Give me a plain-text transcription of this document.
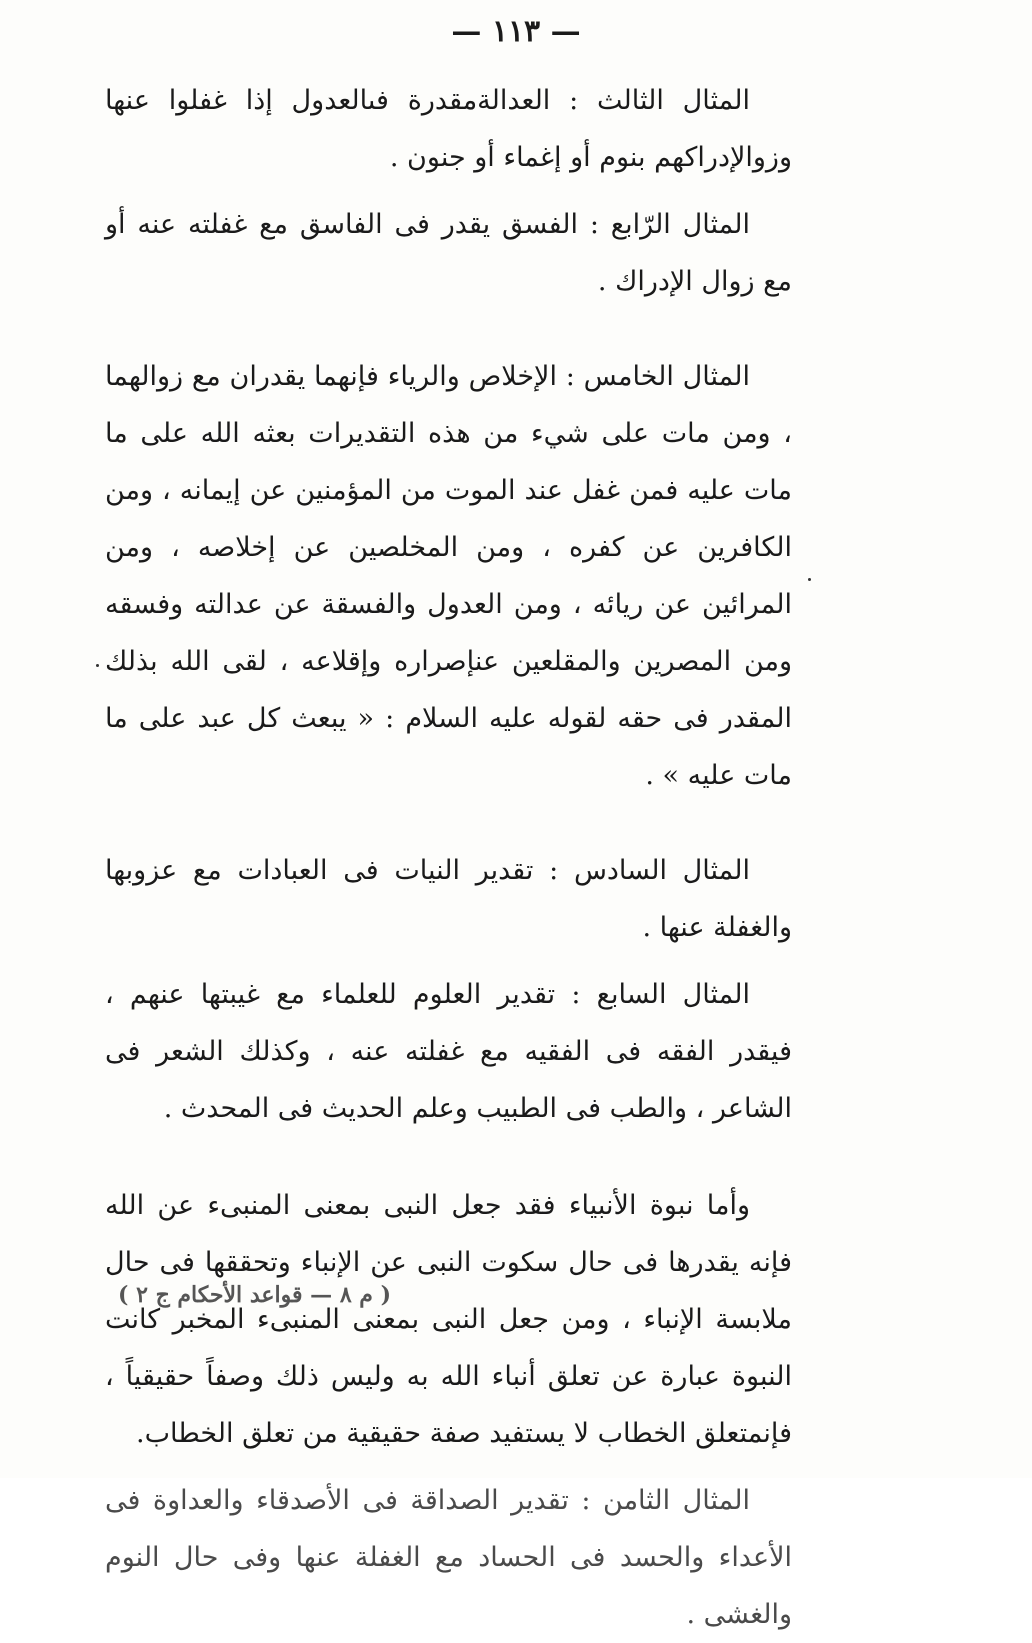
— ١١٣ —

المثال الثالث : العدالةمقدرة فىالعدول إذا غفلوا عنها وزوالإدراكهم بنوم أو إغماء أو جنون .

المثال الرّابع : الفسق يقدر فى الفاسق مع غفلته عنه أو مع زوال الإدراك .

المثال الخامس : الإخلاص والرياء فإنهما يقدران مع زوالهما ، ومن مات على شيء من هذه التقديرات بعثه الله على ما مات عليه فمن غفل عند الموت من المؤمنين عن إيمانه ، ومن الكافرين عن كفره ، ومن المخلصين عن إخلاصه ، ومن المرائين عن ريائه ، ومن العدول والفسقة عن عدالته وفسقه ومن المصرين والمقلعين عنإصراره وإقلاعه ، لقى الله بذلك المقدر فى حقه لقوله عليه السلام : « يبعث كل عبد على ما مات عليه » .

المثال السادس : تقدير النيات فى العبادات مع عزوبها والغفلة عنها .

المثال السابع : تقدير العلوم للعلماء مع غيبتها عنهم ، فيقدر الفقه فى الفقيه مع غفلته عنه ، وكذلك الشعر فى الشاعر ، والطب فى الطبيب وعلم الحديث فى المحدث .

وأما نبوة الأنبياء فقد جعل النبى بمعنى المنبىء عن الله فإنه يقدرها فى حال سكوت النبى عن الإنباء وتحققها فى حال ملابسة الإنباء ، ومن جعل النبى بمعنى المنبىء المخبر كانت النبوة عبارة عن تعلق أنباء الله به وليس ذلك وصفاً حقيقياً ، فإنمتعلق الخطاب لا يستفيد صفة حقيقية من تعلق الخطاب.

المثال الثامن : تقدير الصداقة فى الأصدقاء والعداوة فى الأعداء والحسد فى الحساد مع الغفلة عنها وفى حال النوم والغشى .

( م ٨ — قواعد الأحكام ج ٢ )
